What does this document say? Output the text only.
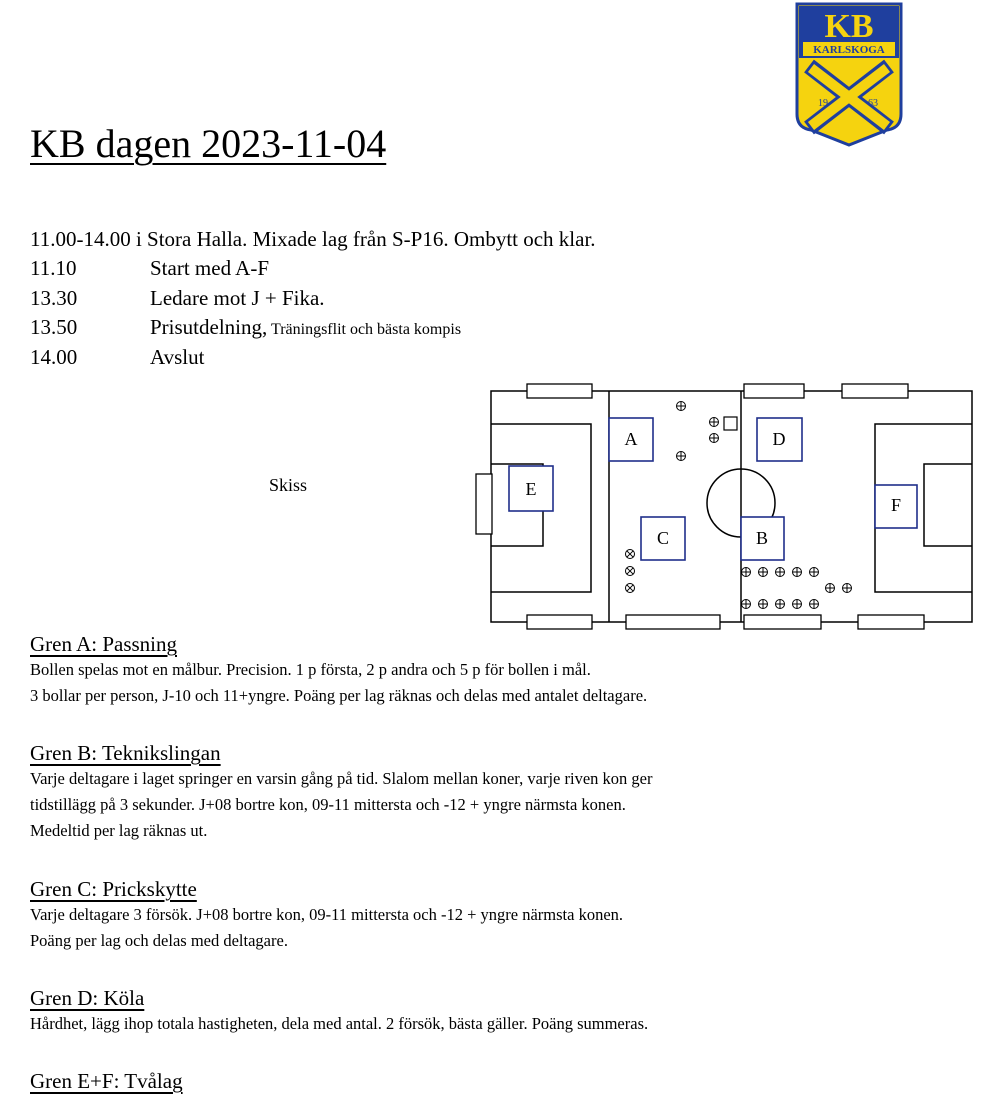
KB
KARLSKOGA
19	63
KB dagen 2023-11-04
11.00-14.00 i Stora Halla. Mixade lag från S-P16. Ombytt och klar.
11.10	Start med A-F
13.30	Ledare mot J + Fika.
13.50	Prisutdelning, Träningsflit och bästa kompis
14.00	Avslut
Skiss
A	D
E
C	B
F
Gren A: Passning

Bollen spelas mot en målbur. Precision. 1 p första, 2 p andra och 5 p för bollen i mål.

3 bollar per person, J-10 och 11+yngre. Poäng per lag räknas och delas med antalet deltagare.

Gren B: Teknikslingan

Varje deltagare i laget springer en varsin gång på tid. Slalom mellan koner, varje riven kon ger

tidstillägg på 3 sekunder. J+08 bortre kon, 09-11 mittersta och -12 + yngre närmsta konen.

Medeltid per lag räknas ut.

Gren C: Prickskytte

Varje deltagare 3 försök. J+08 bortre kon, 09-11 mittersta och -12 + yngre närmsta konen.

Poäng per lag och delas med deltagare.

Gren D: Köla

Hårdhet, lägg ihop totala hastigheten, dela med antal. 2 försök, bästa gäller. Poäng summeras.

Gren E+F: Tvålag
